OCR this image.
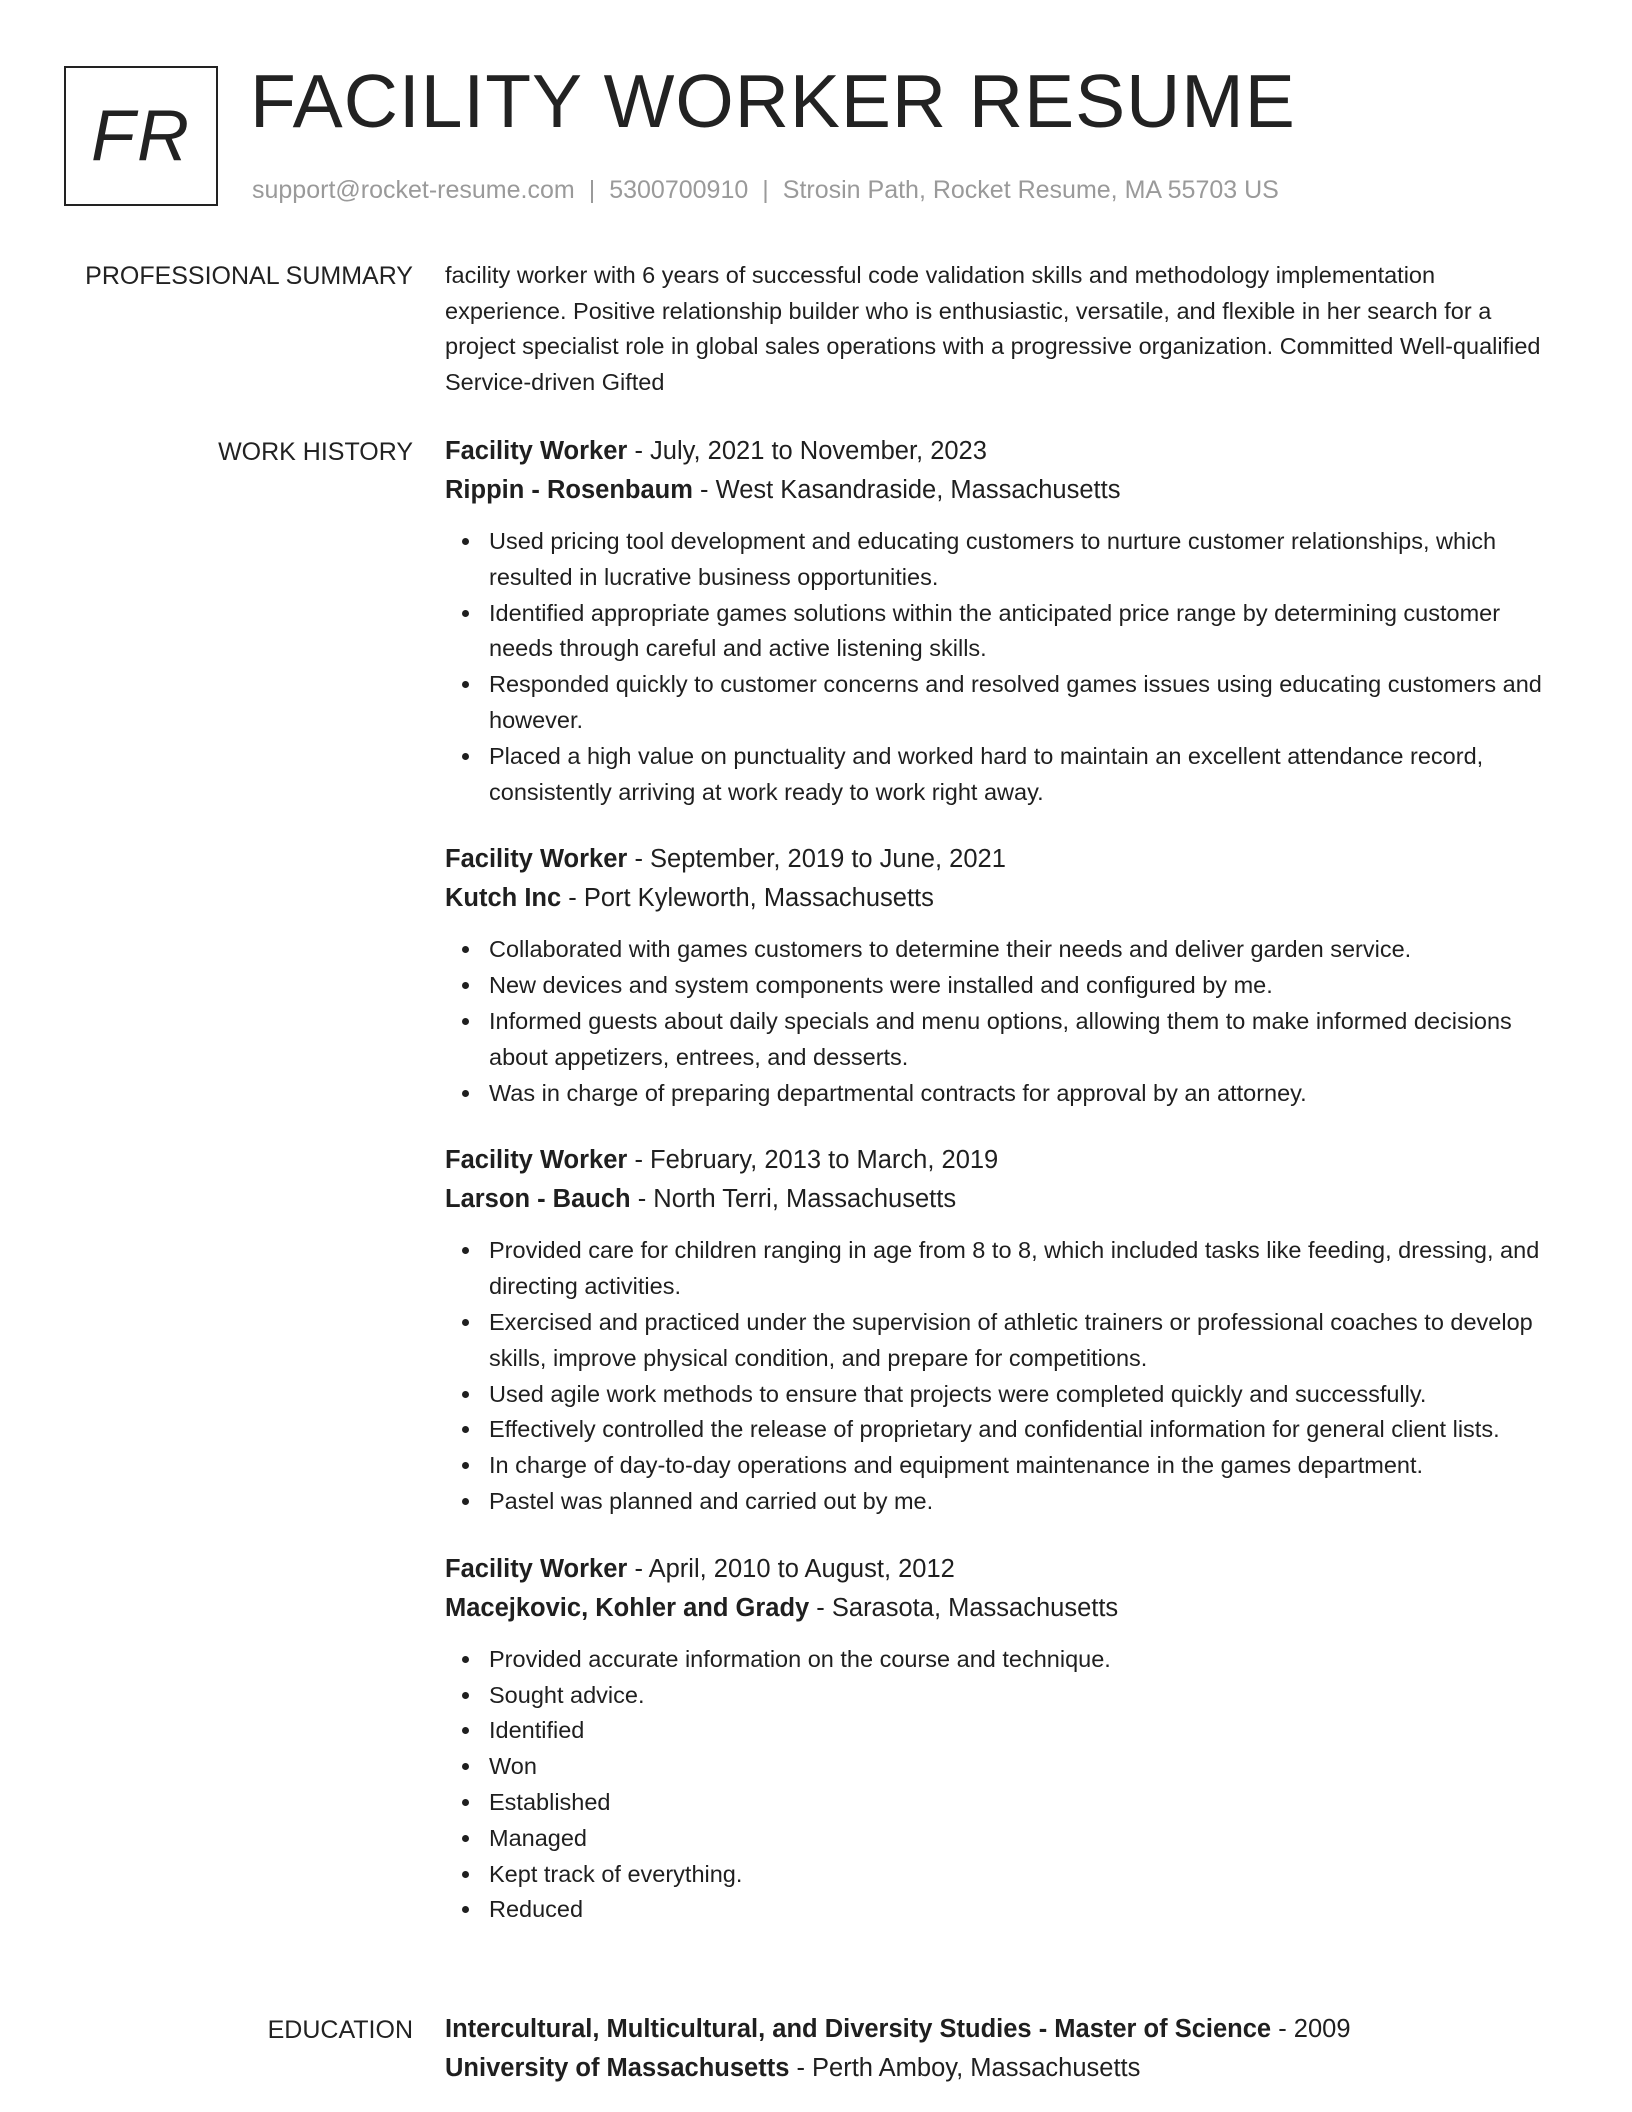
FR FACILITY WORKER RESUME
support@rocket-resume.com | 5300700910 | Strosin Path, Rocket Resume, MA 55703 US
PROFESSIONAL SUMMARY facility worker with 6 years of successful code validation skills and methodology implementation experience. Positive relationship builder who is enthusiastic, versatile, and flexible in her search for a project specialist role in global sales operations with a progressive organization. Committed Well-qualified Service-driven Gifted
WORK HISTORY Facility Worker - July, 2021 to November, 2023
Rippin - Rosenbaum - West Kasandraside, Massachusetts
Used pricing tool development and educating customers to nurture customer relationships, which resulted in lucrative business opportunities.
Identified appropriate games solutions within the anticipated price range by determining customer needs through careful and active listening skills.
Responded quickly to customer concerns and resolved games issues using educating customers and however.
Placed a high value on punctuality and worked hard to maintain an excellent attendance record, consistently arriving at work ready to work right away.
Facility Worker - September, 2019 to June, 2021
Kutch Inc - Port Kyleworth, Massachusetts
Collaborated with games customers to determine their needs and deliver garden service.
New devices and system components were installed and configured by me.
Informed guests about daily specials and menu options, allowing them to make informed decisions about appetizers, entrees, and desserts.
Was in charge of preparing departmental contracts for approval by an attorney.
Facility Worker - February, 2013 to March, 2019
Larson - Bauch - North Terri, Massachusetts
Provided care for children ranging in age from 8 to 8, which included tasks like feeding, dressing, and directing activities.
Exercised and practiced under the supervision of athletic trainers or professional coaches to develop skills, improve physical condition, and prepare for competitions.
Used agile work methods to ensure that projects were completed quickly and successfully.
Effectively controlled the release of proprietary and confidential information for general client lists.
In charge of day-to-day operations and equipment maintenance in the games department.
Pastel was planned and carried out by me.
Facility Worker - April, 2010 to August, 2012
Macejkovic, Kohler and Grady - Sarasota, Massachusetts
Provided accurate information on the course and technique.
Sought advice.
Identified
Won
Established
Managed
Kept track of everything.
Reduced
EDUCATION Intercultural, Multicultural, and Diversity Studies - Master of Science - 2009
University of Massachusetts - Perth Amboy, Massachusetts
